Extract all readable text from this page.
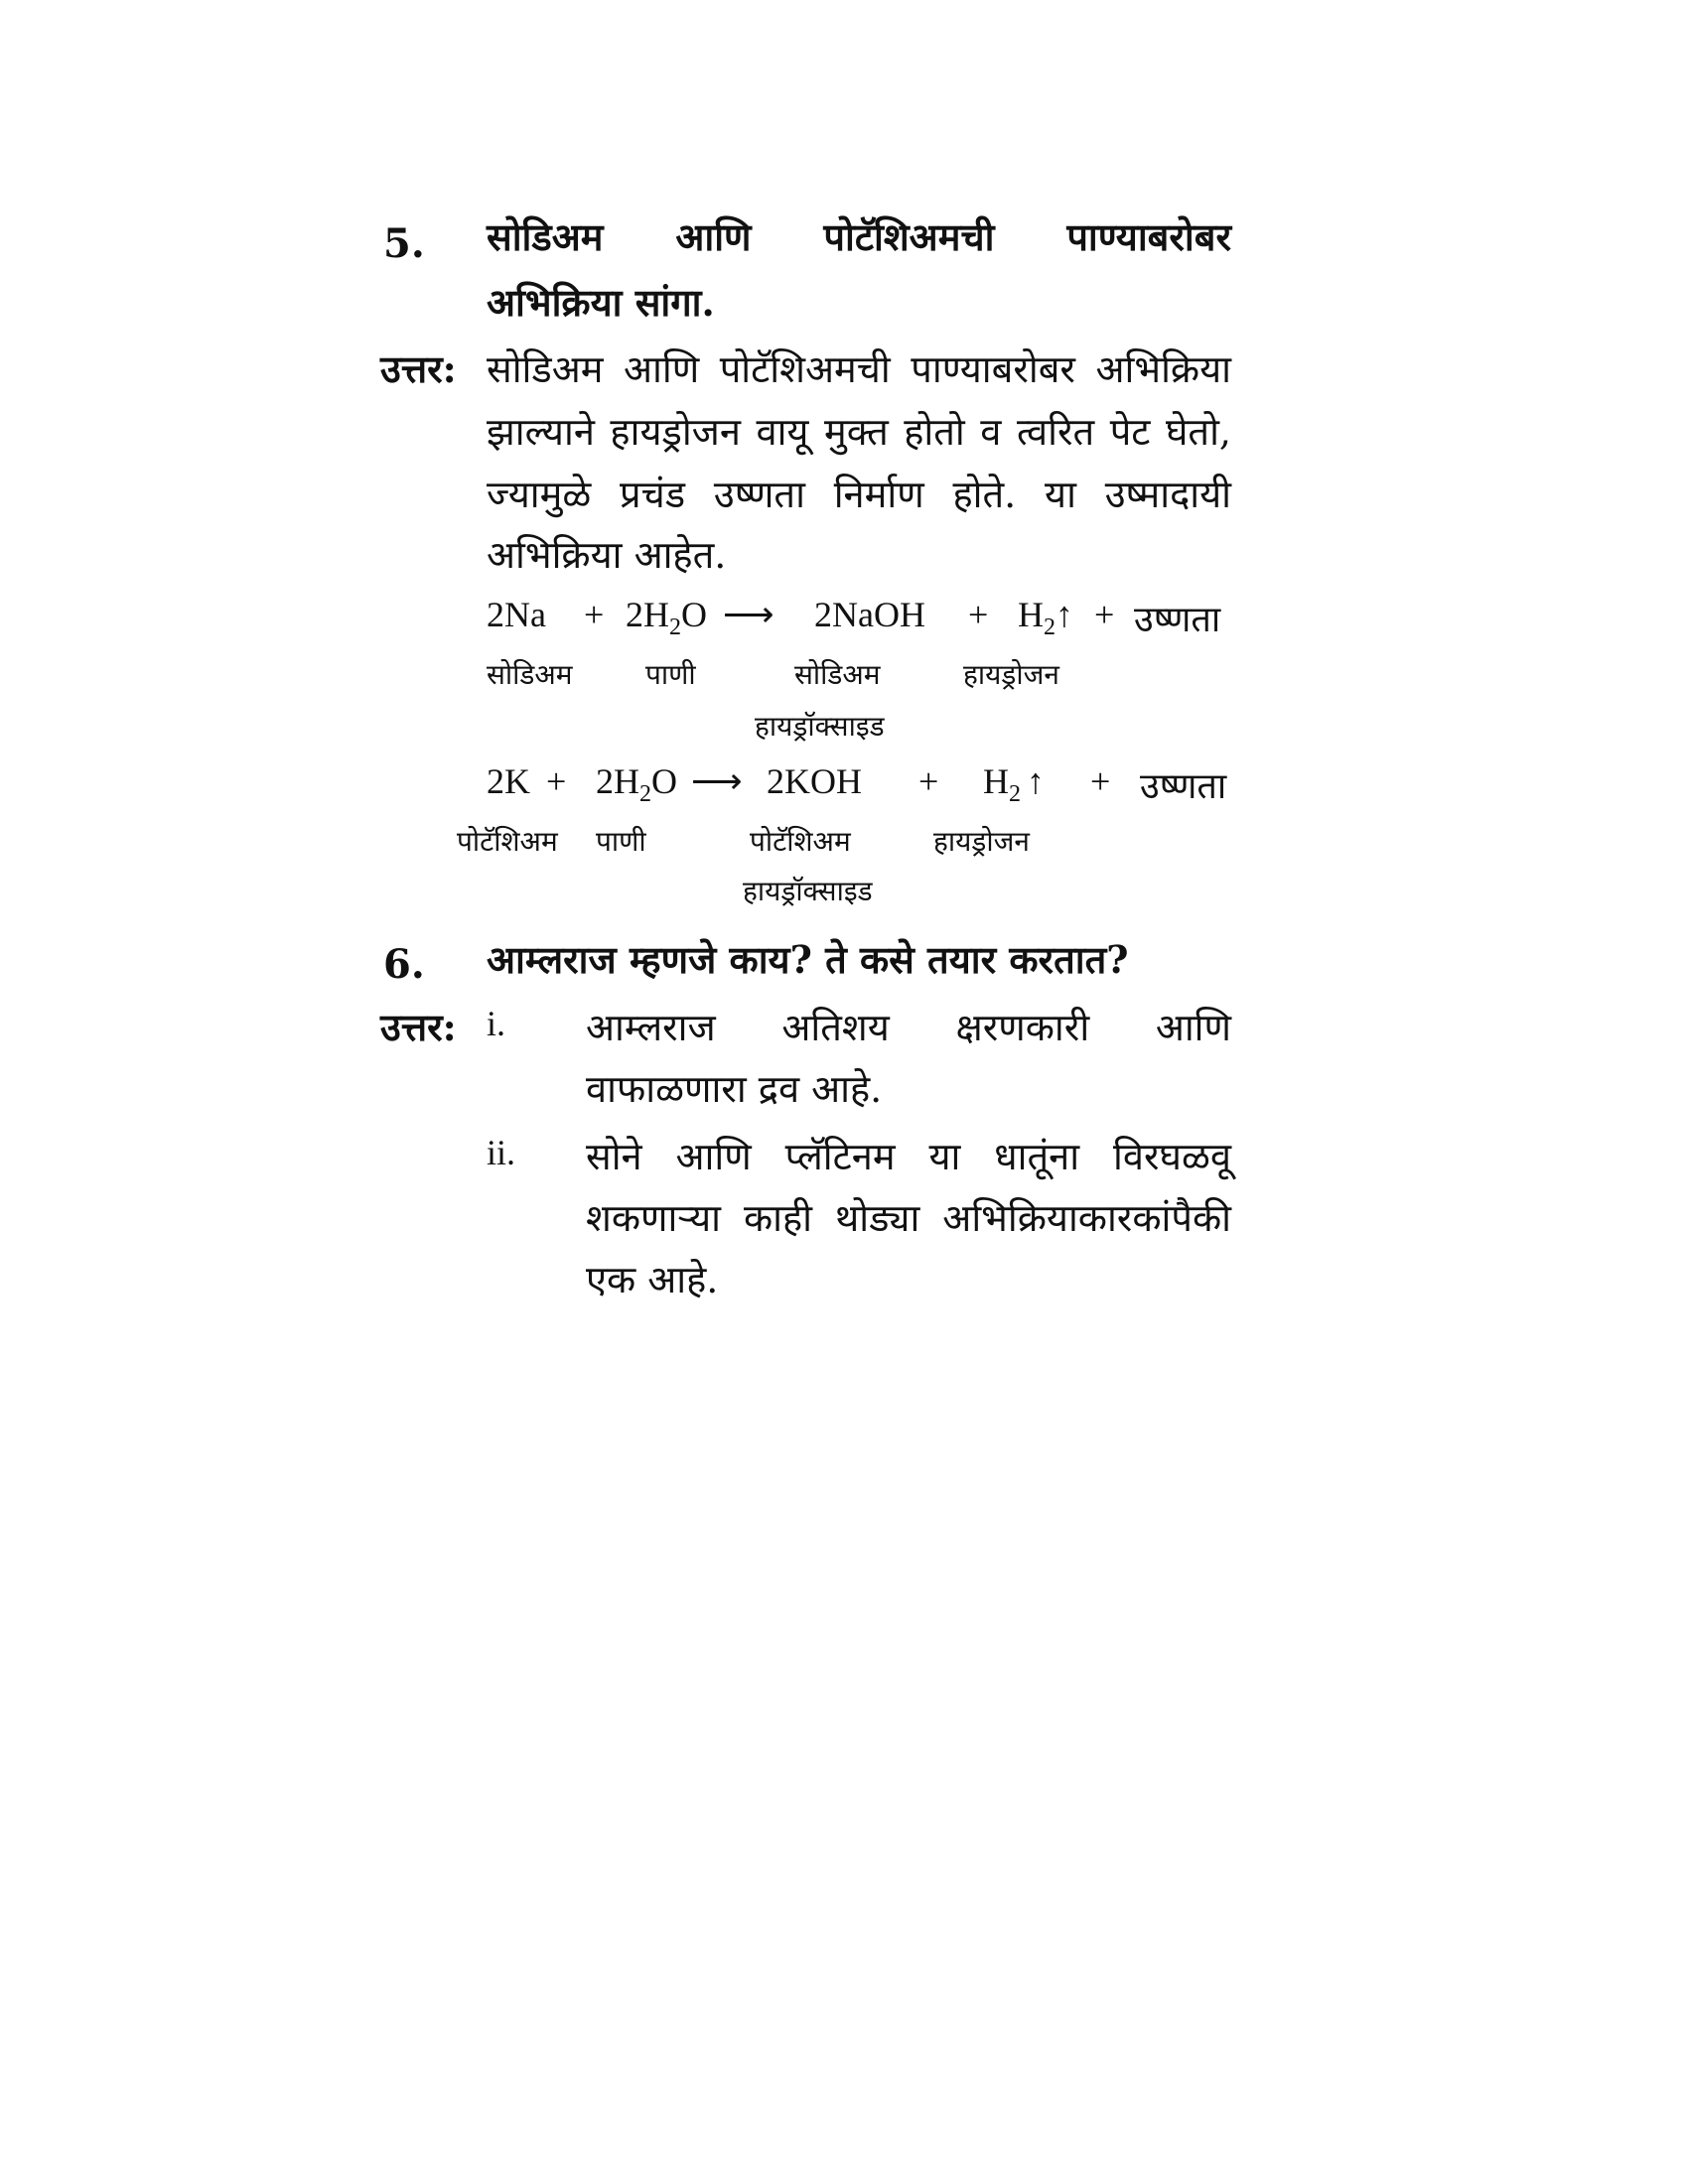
5. सोडिअम आणि पोटॅशिअमची पाण्याबरोबर
अभिक्रिया सांगा.
उत्तर: सोडिअम आणि पोटॅशिअमची पाण्याबरोबर अभिक्रिया
झाल्याने हायड्रोजन वायू मुक्त होतो व त्वरित पेट घेतो,
ज्यामुळे प्रचंड उष्णता निर्माण होते. या उष्मादायी
अभिक्रिया आहेत.
$2Na + 2H_2O$ ⟶ 2NaOH + $H_2↑$ + उष्णता
सोडिअम	पाणी	सोडिअम
हायड्रॉक्साइड
हायड्रोजन
$2K + 2H_2O$ ⟶ $2KOH + H_2$ ↑ + उष्णता
पोटॅशिअम पाणी	पोटॅशिअम
हायड्रॉक्साइड
हायड्रोजन
6. आम्लराज म्हणजे काय? ते कसे तयार करतात?
उत्तर: i. आम्लराज अतिशय क्षरणकारी आणि
वाफाळणारा द्रव आहे.
ii. सोने आणि प्लॅटिनम या धातूंना विरघळवू
शकणाऱ्या काही थोड्या अभिक्रियाकारकांपैकी
एक आहे.
